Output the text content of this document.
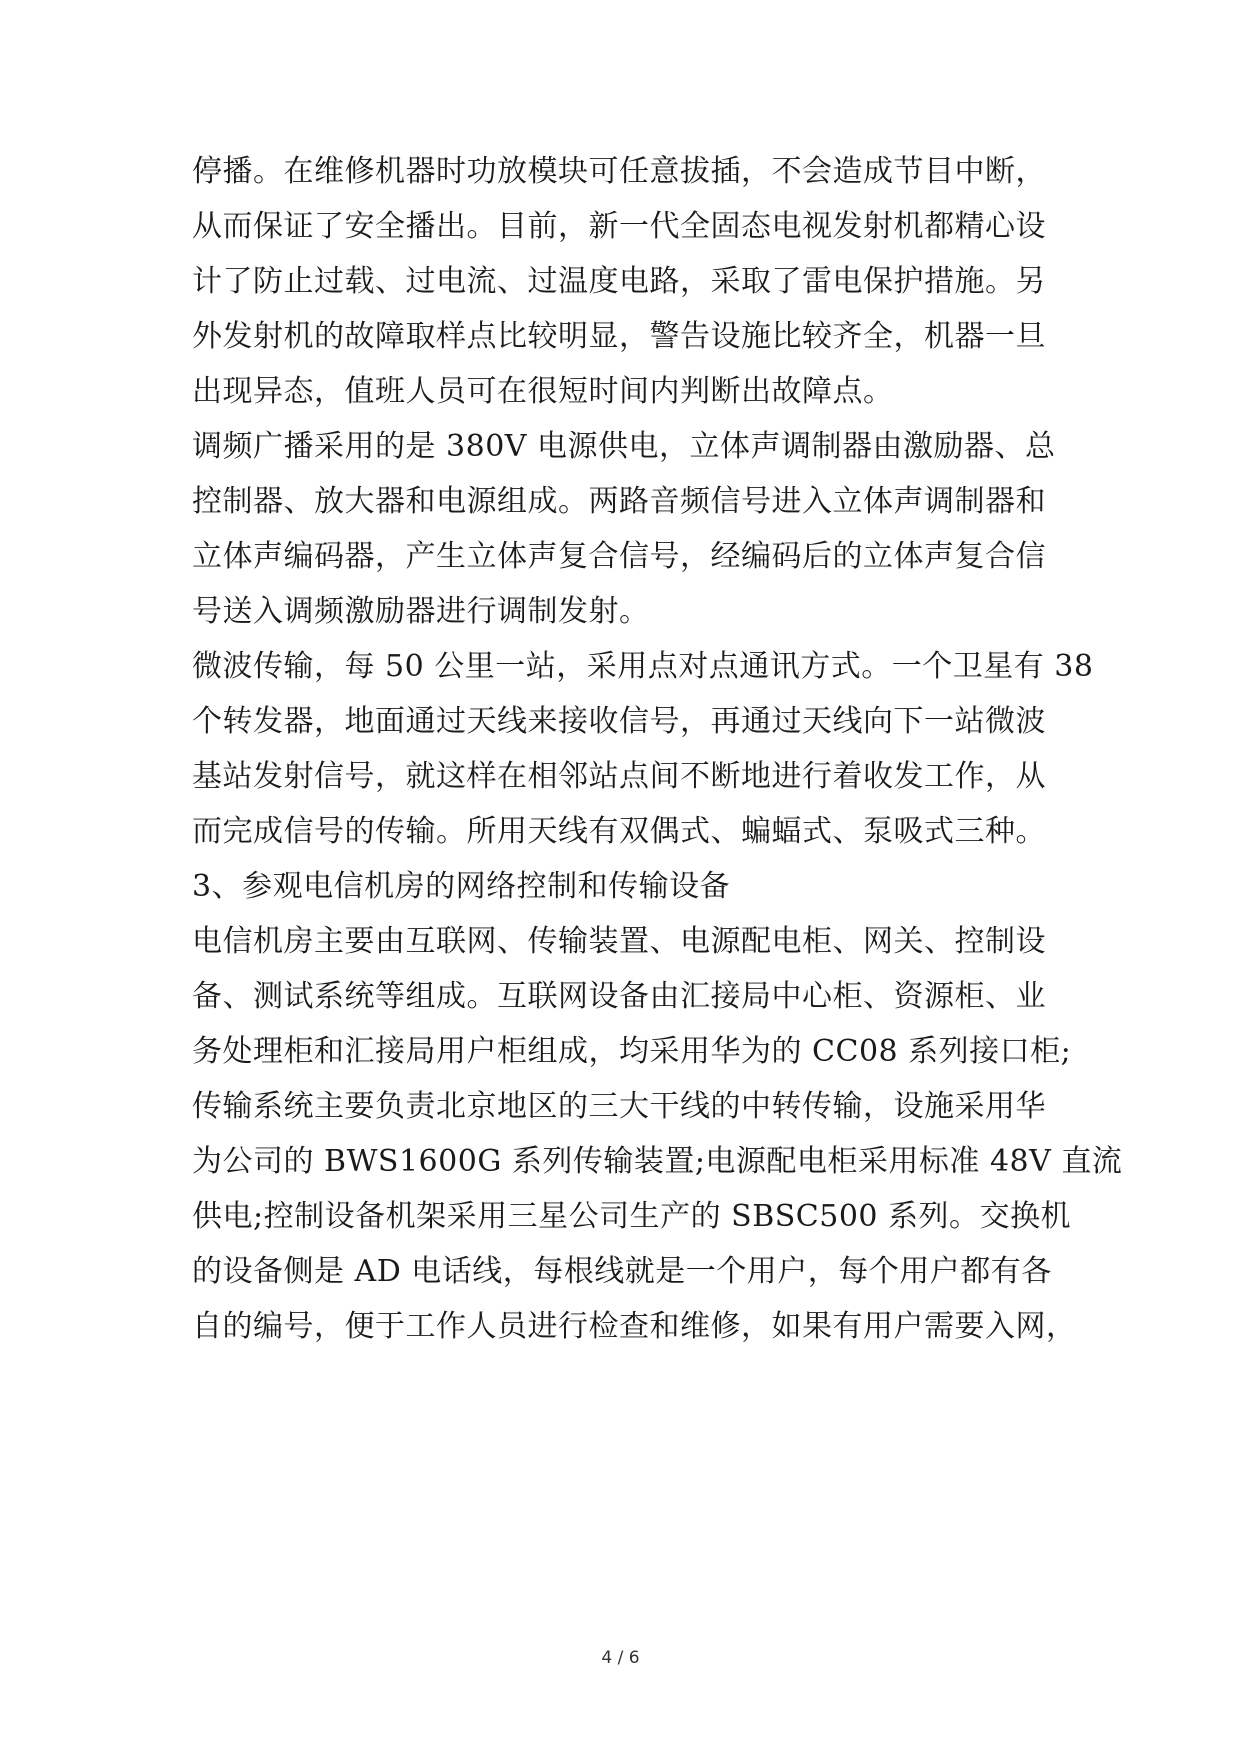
停播。在维修机器时功放模块可任意拔插，不会造成节目中断，
从而保证了安全播出。目前，新一代全固态电视发射机都精心设
计了防止过载、过电流、过温度电路，采取了雷电保护措施。另
外发射机的故障取样点比较明显，警告设施比较齐全，机器一旦
出现异态，值班人员可在很短时间内判断出故障点。
调频广播采用的是 380V 电源供电，立体声调制器由激励器、总
控制器、放大器和电源组成。两路音频信号进入立体声调制器和
立体声编码器，产生立体声复合信号，经编码后的立体声复合信
号送入调频激励器进行调制发射。
微波传输，每 50 公里一站，采用点对点通讯方式。一个卫星有 38
个转发器，地面通过天线来接收信号，再通过天线向下一站微波
基站发射信号，就这样在相邻站点间不断地进行着收发工作，从
而完成信号的传输。所用天线有双偶式、蝙蝠式、泵吸式三种。
3、参观电信机房的网络控制和传输设备
电信机房主要由互联网、传输装置、电源配电柜、网关、控制设
备、测试系统等组成。互联网设备由汇接局中心柜、资源柜、业
务处理柜和汇接局用户柜组成，均采用华为的 CC08 系列接口柜;
传输系统主要负责北京地区的三大干线的中转传输，设施采用华
为公司的 BWS1600G 系列传输装置;电源配电柜采用标准 48V 直流
供电;控制设备机架采用三星公司生产的 SBSC500 系列。交换机
的设备侧是 AD 电话线，每根线就是一个用户，每个用户都有各
自的编号，便于工作人员进行检查和维修，如果有用户需要入网，
4 / 6
